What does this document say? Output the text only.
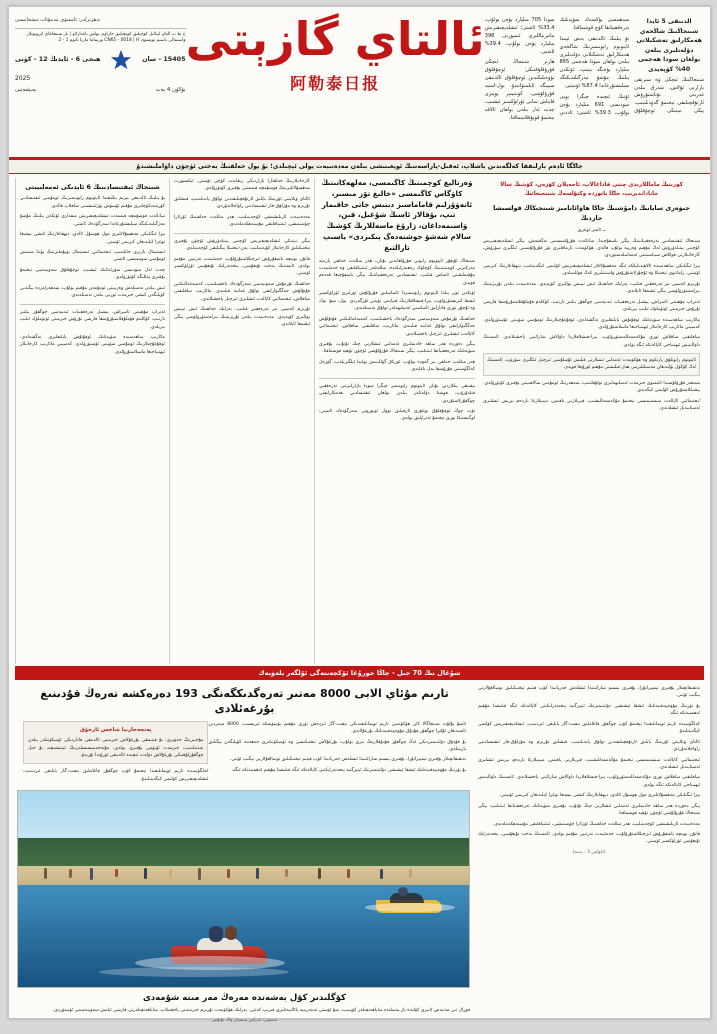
الدىنقى 5 ئايدا شىنجاڭنىڭ شاڭخەي ھەمكارلىق تەشكىلاتى دۆلەتلىرى بىلەن بولغان سودا ھەجمى 40% كۆپەيدى

شىنجاڭنىڭ ئىچكى ۋە سىرتقى بازارنى ئۇلاش، شەرق بىلەن غەربنى تۇتاشتۇرۇش ئارتۇقچىلىقى تېخىمۇ گەۋدىلىنىپ، يېڭى تىپتىكى ئوچۇقلۇق سەھنىسى يۈكسەك سۈپەتلىك تەرەققىياتقا كۈچ قوشماقتا.

بۇ يىلنىڭ ئالدىنقى بەش ئېيىدا ئاپتونوم رايونىمىزنىڭ شاڭخەي ھەمكارلىق تەشكىلاتى دۆلەتلىرى بىلەن بولغان سودا ھەجمى 865 مىليارد يۈەنگە يېتىپ، ئۆتكەن يىلنىڭ مۇشۇ مەزگىلىدىكىگە سېلىشتۇرغاندا 87.4% ئۆستى.

ئۇنىڭ ئىچىدە چېگرا بويى سودىسى 691 مىليارد يۈەن بولۇپ، 39.3% ئاشتى؛ ئاددىي سودا 705 مىليارد يۈەن بولۇپ، 33.4% ئاشتى؛ ئىشلەپچىقىرىش ماتېرىياللىرى ئىمپورتى 398 مىليارد يۈەن بولۇپ، 39.4% ئاشتى.

ھازىر شىنجاڭ ئىچكى قۇرۇقلۇقتىكى ئوچۇقلۇق تۆۋەنلىكىدىن ئوچۇقلۇق ئالدىنقى سېپىگە ئايلىنىۋاتىدۇ. يول-لىنىيە قۇرۇلۇشى، كونتېينېر پويىزى قاتناش سانى ئۈزلۈكسىز ئېشىپ، چەت ئەل بىلەن بولغان ئالاقە تېخىمۇ قويۇقلاشماقتا.

ئالتاي گازېتى
阿勒泰日报
تەھرىرلەر: ئاممىۋى مەتبۇئات ئىشخانىسى
ح ط ب التاي ليبائىل كوچىلىق كويچىلىق جازاۋى بولس باغدارلاو | بار شىنجاغاي ايرونوتلار ۋاسىمالى باسىم تويسوى CN65 - 0018 | H ورىتتاما مارتا ئانوم 1 - 2
15405 - سان
ھىجى 6 - ئايدىڭ 12 - كۈنى
2025
بۈكۈن 4 بەت
بەيشەنبى
جاڭگا ئادەم بارلىققا كەلگەندىن باشلاپ، ئەقىل-پاراسەتنىڭ ئويغىنىشى بىلەن مەدەنىيەت يولى ئېچىلدى؛ بۇ يول خەلقنىڭ بەختى ئۈچۈن داۋاملىشىدۇ
كورىنىڭ ماماللارىدى چنتى قاداغالاپ، ئاخەيلان كۆزەن، كۆشىڭ سالا جاناداندىرىپ، جاڭا باتوردە وكتۇلسەڭ شىنجىغائىڭ
جىۋەرى سايانىڭ دامۇشنىڭ جاڭا ھاۋائانامىز شىنجىڭاڭ قولسىشا جازدىڭ
ــ ئامىر ئوغرى

شىنجاڭ ئىقتىسادىي تەرەققىياتىنىڭ يېڭى باسقۇچىدا، سانائەت قۇرۇلمىسىنى تەڭشەش، يېڭى ئىشلەپچىقىرىش كۈچىنى يېتىلدۈرۈش ئەڭ مۇھىم ۋەزىپە بولۇپ قالدى. ھۆكۈمەت تارماقلىرى تۈر قۇرۇلۇشىنى ئىلگىرى سۈرۈش، كارخانىلارنى قوللاش سىياسىتىنى ئەمەلىيلەشتۈردى.

يېزا ئىگىلىكى ساھەسىدە ئالاھىدىلىككە ئىگە مەھسۇلاتلار ئىشلەپچىقىرىش كۆلىمى كېڭەيتىلىپ، دېھقانلارنىڭ كىرىمى ئۆستى. زامانىۋى تېخنىكا ۋە ئۇچۇرلاشتۇرۇش ۋاسىتىلىرى كەڭ قوللىنىلدى.

تۇرىزم كەسپى تېز تەرەققىي قىلىپ، يەرلىك خەلقنىڭ ئىش تېپىش يوللىرى كۆپەيدى. مەدەنىيەت بىلەن تۇرىزمنىڭ بىرلەشتۈرۈلۈشى يېڭى ئېقىمغا ئايلاندى.

ئەتراپ مۇھىتنى ئاسراش، يېشىل تەرەققىيات ئىدىيەسى چوڭقۇر يىلتىز تارتىپ، كۆكلەم قۇملۇقلاشتۇرۇشقا قارشى تۇرۇش خىزمىتى ئۈنۈملۈك ئېلىپ بېرىلدى.

مائارىپ ساھەسىدە سۈپەتلىك ئوقۇتۇش بايلىقلىرى تەڭشەلدى، ئوقۇغۇچىلارنىڭ ئومۇمىي سۈپىتى ئۆستۈرۈلدى. كەسپىي مائارىپ كارخانىلار ئېھتىياجىغا ماسلاشتۇرۇلدى.

ساقلىقنى ساقلاش تورى مۇكەممەللەشتۈرۈلۈپ، يېزا-قىشلاقلاردا داۋالاش شارائىتى ياخشىلاندى. ئاممىنىڭ داۋالىنىش ئېھتىياجى كاپالەتكە ئىگە بولدى.

ئاپتونوم رايونلۇق پارتكوم ۋە ھۆكۈمەت ئەمەلىي ئىشلارنى قىلىش ئۇسلۇبىنى ئىزچىل ئىلگىرى سۈرۈپ، ئاممىنىڭ ئەڭ كۆڭۈل بۆلىدىغان مەسىلىلىرىنى ھەل قىلىشنى مۇھىم ئورۇنغا قويدى.

شەھەر قۇرۇلۇشىدا ئاممىۋى خىزمەت ئەسلىھەلىرى تولۇقلىنىپ، شەھەرنىڭ ئومۇمىي سالاھىيىتى يۇقىرى كۆتۈرۈلدى. يېشىللاشتۇرۇش كۆلىمى كېڭەيدى.

ئىجتىمائىي كاپالەت سىستېمىسى تېخىمۇ مۇكەممەللىشىپ، قېرىلارنى باقىش، مېيىپلارغا ياردەم بېرىش ئىشلىرى ئەستايىدىل ئىشلەندى.

ۋەرتاليغ كوچمىنىڭ كاگىمسى، مەلھەكاتىنىڭ كاۋگاس كاگىمسى «خالىغ تۆز مىسىر، ئانەۋۇرلىم قاماماسىز دىنىس جاتى خاقىمار تىپ، بۇقالار ئاسىڭ شۇغىل، قىن، ۋاسىمەداغان، ژارۇغ ماسەللارىڭ كۆشىڭ سالام شەشۆ جوشنەدەگ پىكىردى» ياسىپ تارالتىغ

شىنجاڭ ئۇيغۇر ئاپتونوم رايونى قۇرۇلغاندىن بۇيان، ھەر مىللەت خەلقى پارتىيە مەركىزىي كومىتېتىنىڭ كۈچلۈك رەھبەرلىكىدە، مىللەتلەر ئىتتىپاقلىقى ۋە جەمئىيەت مۇقىملىقىنى ئاساس قىلىپ، ئىقتىسادىي تەرەققىياتنىڭ يېڭى باسقۇچىغا قەدەم قويدى.

ئۆتكەن ئون يىلدا ئاپتونوم رايونىمىزدا ئاساسلىق قۇرۇلۇش تۈرلىرى ئۈزلۈكسىز ئىشقا كىرىشتۈرۈلۈپ، يېزا-قىشلاقلارنىڭ قىياپىتى تۈپتىن ئۆزگەردى. يول، سۇ، توك ۋە ئۇچۇر تورى قاتارلىق ئاساسىي ئەسلىھەلەر تولۇق تەمىنلەندى.

خەلقنىڭ تۇرمۇش سەۋىيەسى سەزگۈدەك ياخشىلىنىپ، كەمبەغەللىكتىن قۇتۇلۇش جەڭگىۋارلىقى تولۇق غەلىبە قىلىندى. مائارىپ، ساقلىقنى ساقلاش، ئىجتىمائىي كاپالەت ئىشلىرى ئىزچىل ياخشىلاندى.

يېڭى دەۋردە ھەر ساھە خادىملىرى ئەمەلىي ئىشلارنى چىڭ تۇتۇپ، يۇقىرى سۈپەتلىك تەرەققىياتقا ئىنتىلىپ، يېڭى شىنجاڭ قۇرۇلۇشى ئۈچۈن تۆھپە قوشماقتا.

ھەر مىللەت خەلقى بىر گەۋدە بولۇپ، ئورتاق گۈللىنىش يولىدا ئىلگىرىلەپ، گۈزەل كەلگۈسىنى قۇرۇشقا بەل باغلىدى.

يېقىنقى يىللاردىن بۇيان ئاپتونوم رايونىمىز چېگرا سودا بازارلىرىنى تەرەققىي قىلدۇرۇپ، قوشنا دۆلەتلەر بىلەن بولغان ئىقتىسادىي ھەمكارلىقنى چوڭقۇرلاشتۇردى.

تۆت چوڭ ئوچۇقلۇق بوغۇزى ئارقىلىق توۋار ئوبوروتى سەزگۈدەك ئاشتى، لوگىستىكا تورى تېخىمۇ ئەتراپلىق بولدى.

كارخانىلارنىڭ خەلقئارا بازاردىكى رىقابەت كۈچى ئۆستى، ئېكسپورت مەھسۇلاتلىرىنىڭ قوشۇمچە قىممىتى يۇقىرى كۆتۈرۈلدى.

ئالتاي ۋىلايىتى ئۆزىنىڭ بايلىق ئارتۇقچىلىقىدىن تولۇق پايدىلىنىپ، قىشلىق تۇرىزم ۋە مۇزلۇق-قار ئىقتىسادىنى راۋاجلاندۇردى.

مەدەنىيەت ئارىلىشىشى كۈچەيتىلىپ، ھەر مىللەت خەلقىنىڭ ئۆزئارا چۈشىنىشى، ئىتتىپاقلىقى مۇستەھكەملەندى.

يېڭى تىپتىكى ئىشلەپچىقىرىش كۈچىنى يېتىلدۈرۈش ئۈچۈن يۇقىرى تېخنىكىلىق كارخانىلار كۆپەيتىلىپ، پەن-تېخنىكا يېڭىلىقى كۈچەيتىلدى.

قانۇن بويىچە باشقۇرۇش ئىزچىللاشتۇرۇلۇپ، جەمئىيەت تەرتىپى مۇقىم بولدى. ئاممىنىڭ بەخت تۇيغۇسى، بىخەتەرلىك تۇيغۇسى ئۈزلۈكسىز ئۆستى.

خەلقنىڭ تۇرمۇش سەۋىيەسى سەزگۈدەك ياخشىلىنىپ، كەمبەغەللىكتىن قۇتۇلۇش جەڭگىۋارلىقى تولۇق غەلىبە قىلىندى. مائارىپ، ساقلىقنى ساقلاش، ئىجتىمائىي كاپالەت ئىشلىرى ئىزچىل ياخشىلاندى.

تۇرىزم كەسپى تېز تەرەققىي قىلىپ، يەرلىك خەلقنىڭ ئىش تېپىش يوللىرى كۆپەيدى. مەدەنىيەت بىلەن تۇرىزمنىڭ بىرلەشتۈرۈلۈشى يېڭى ئېقىمغا ئايلاندى.

شىنجاڭ ئىقتىسادىنىڭ 6 ئايدىكى ئەمەلىيىتى

بۇ يىلنىڭ ئالدىنقى يېرىم يىللىقىدا ئاپتونوم رايونىمىزنىڭ ئومۇمىي ئىقتىسادىي كۆرسەتكۈچلىرى مۇقىم ئۆسۈش يۈزلىنىشىنى ساقلاپ قالدى.

سانائەت قوشۇمچە قىممەت ئىشلەپچىقىرىش مىقدارى ئۆتكەن يىلنىڭ مۇشۇ مەزگىلىدىكىگە سېلىشتۇرغاندا سەزگۈدەك ئاشتى.

يېزا ئىگىلىكى مەھسۇلاتلىرى مول ھوسۇل ئالدى، دېھقانلارنىڭ كىشى بېشىغا توغرا كېلىدىغان كىرىمى ئۆستى.

ئىستېمال بازىرى جانلىنىپ، ئىجتىمائىي ئىستېمال بويۇملىرىنىڭ پۈتتا سېتىش ئومۇمىي سوممىسى ئاشتى.

چەت ئەل سودىسى سۈرئەتلىك ئېشىپ، ئوچۇقلۇق سەۋىيەسى تېخىمۇ يۇقىرى پەللىگە كۆتۈرۈلدى.

ئىش بىلەن تەمىنلەش ۋەزىيىتى ئومۇمەن مۇقىم بولۇپ، شەھەرلەردە يېڭىدىن كۆپلىگەن كىشى خىزمەت ئورنى بىلەن تەمىنلەندى.

ئەتراپ مۇھىتنى ئاسراش، يېشىل تەرەققىيات ئىدىيەسى چوڭقۇر يىلتىز تارتىپ، كۆكلەم قۇملۇقلاشتۇرۇشقا قارشى تۇرۇش خىزمىتى ئۈنۈملۈك ئېلىپ بېرىلدى.

مائارىپ ساھەسىدە سۈپەتلىك ئوقۇتۇش بايلىقلىرى تەڭشەلدى، ئوقۇغۇچىلارنىڭ ئومۇمىي سۈپىتى ئۆستۈرۈلدى. كەسپىي مائارىپ كارخانىلار ئېھتىياجىغا ماسلاشتۇرۇلدى.

شۇغال نىڭ 70 جىل - جاڭا جورۇغا ئۆكجەنتەگى ئۆلگەر بلەۋبەك

تەتقىقاتچىلار يۇقىرى تېمپېراتۇرا، يۇقىرى بېسىم شارائىتىدا ئىشلەش جەريانىدا كۆپ قېتىم تېخنىكىلىق توسالغۇلارنى يېڭىپ ئۆتتى.

بۇ تۈرنىڭ مۇۋەپپەقىيەتلىك ئىشقا ئېشىشى دۆلىتىمىزنىڭ ئېنېرگىيە بىخەتەرلىكىنى كاپالەتكە ئىگە قىلىشتا مۇھىم ئەھمىيەتكە ئىگە.

كەلگۈسىدە تارىم ئويمانلىقىدا تېخىمۇ كۆپ چوڭقۇر قاتلاملىق نېفىت-گاز بايلىقى ئىزدىنىپ، ئىشلەپچىقىرىش كۆلىمى كېڭەيتىلىدۇ.

ئالتاي ۋىلايىتى ئۆزىنىڭ بايلىق ئارتۇقچىلىقىدىن تولۇق پايدىلىنىپ، قىشلىق تۇرىزم ۋە مۇزلۇق-قار ئىقتىسادىنى راۋاجلاندۇردى.

ئىجتىمائىي كاپالەت سىستېمىسى تېخىمۇ مۇكەممەللىشىپ، قېرىلارنى باقىش، مېيىپلارغا ياردەم بېرىش ئىشلىرى ئەستايىدىل ئىشلەندى.

ساقلىقنى ساقلاش تورى مۇكەممەللەشتۈرۈلۈپ، يېزا-قىشلاقلاردا داۋالاش شارائىتى ياخشىلاندى. ئاممىنىڭ داۋالىنىش ئېھتىياجى كاپالەتكە ئىگە بولدى.

يېزا ئىگىلىكى مەھسۇلاتلىرى مول ھوسۇل ئالدى، دېھقانلارنىڭ كىشى بېشىغا توغرا كېلىدىغان كىرىمى ئۆستى.

يېڭى دەۋردە ھەر ساھە خادىملىرى ئەمەلىي ئىشلارنى چىڭ تۇتۇپ، يۇقىرى سۈپەتلىك تەرەققىياتقا ئىنتىلىپ، يېڭى شىنجاڭ قۇرۇلۇشى ئۈچۈن تۆھپە قوشماقتا.

مەدەنىيەت ئارىلىشىشى كۈچەيتىلىپ، ھەر مىللەت خەلقىنىڭ ئۆزئارا چۈشىنىشى، ئىتتىپاقلىقى مۇستەھكەملەندى.

قانۇن بويىچە باشقۇرۇش ئىزچىللاشتۇرۇلۇپ، جەمئىيەت تەرتىپى مۇقىم بولدى. ئاممىنىڭ بەخت تۇيغۇسى، بىخەتەرلىك تۇيغۇسى ئۈزلۈكسىز ئۆستى.

(داۋامى 3 - بەتتە)
تارىم مۇئاي الابى 8000 مەتىر تەرەگدىكگەنگى 193 دەرەكشە تەرەڭ قۇدىنىغ بۇرغەئلادى

ئاشۇ بۇلۇت شىنجاڭالا كان ھۆكۈمىنى تارىم ئويمانلىقىدىكى نېفىت-گاز ئىزدەش تۈرى مۇھىم بۆسۈشكە ئېرىشىپ، 8000 مېتىردىن ئاشىدىغان ئۇلترا چوڭقۇر قۇدۇق مۇۋەپپەقىيەتلىك بۇرغۇلاندى.

بۇ قۇدۇق دۆلىتىمىزدىكى ئەڭ چوڭقۇر قۇدۇقلارنىڭ بىرى بولۇپ، بۇرغۇلاش تېخنىكىسى ۋە ئۈسكۈنىلىرى جەھەتتە كۆپلىگەن يېڭىلىق يارىتىلدى.

تەتقىقاتچىلار يۇقىرى تېمپېراتۇرا، يۇقىرى بېسىم شارائىتىدا ئىشلەش جەريانىدا كۆپ قېتىم تېخنىكىلىق توسالغۇلارنى يېڭىپ ئۆتتى.

بۇ تۈرنىڭ مۇۋەپپەقىيەتلىك ئىشقا ئېشىشى دۆلىتىمىزنىڭ ئېنېرگىيە بىخەتەرلىكىنى كاپالەتكە ئىگە قىلىشتا مۇھىم ئەھمىيەتكە ئىگە.

پەنجەخارىيا شاخس ئارجۇق
مۇخبىرنىڭ خەۋىرى: بۇ قېتىمقى بۇرغۇلاش خىزمىتى ئالدىنقى قاتاردىكى ئۈسكۈنىلەر بىلەن تەمىنلىنىپ، خىزمەت ئۈنۈمى يۇقىرى بولدى. مۇتەخەسسىسلەرنىڭ ئېيتىشىچە، بۇ خىل چوڭقۇرلۇقتىكى بۇرغۇلاش دۆلەت ئىچىدە ئالدىنقى ئورۇندا تۇرىدۇ.

كەلگۈسىدە تارىم ئويمانلىقىدا تېخىمۇ كۆپ چوڭقۇر قاتلاملىق نېفىت-گاز بايلىقى ئىزدىنىپ، ئىشلەپچىقىرىش كۆلىمى كېڭەيتىلىدۇ.

كۆگلىدىر كۆل بەشەندە مەرەڭ مەر مىنە شۇمەدى
قورال تىن مەتبەس ئابىرى كۆلىدە ياز پەسلىدە ساياھەتچىلەر كۆپىيىپ، سۇ ئۈستى تەنتەربىيە پائالىيەتلىرى قىزىپ كەتتى. يەرلىك ھۆكۈمەت تۇرىزم خىزمىتىنى ياخشىلاپ، ساياھەتچىلەرنى قارشى ئېلىش سەۋىيەسىنى ئۆستۈردى.
تەسۋىر: ئەركىن پەيسان ۋاڭ تۇتۇس
